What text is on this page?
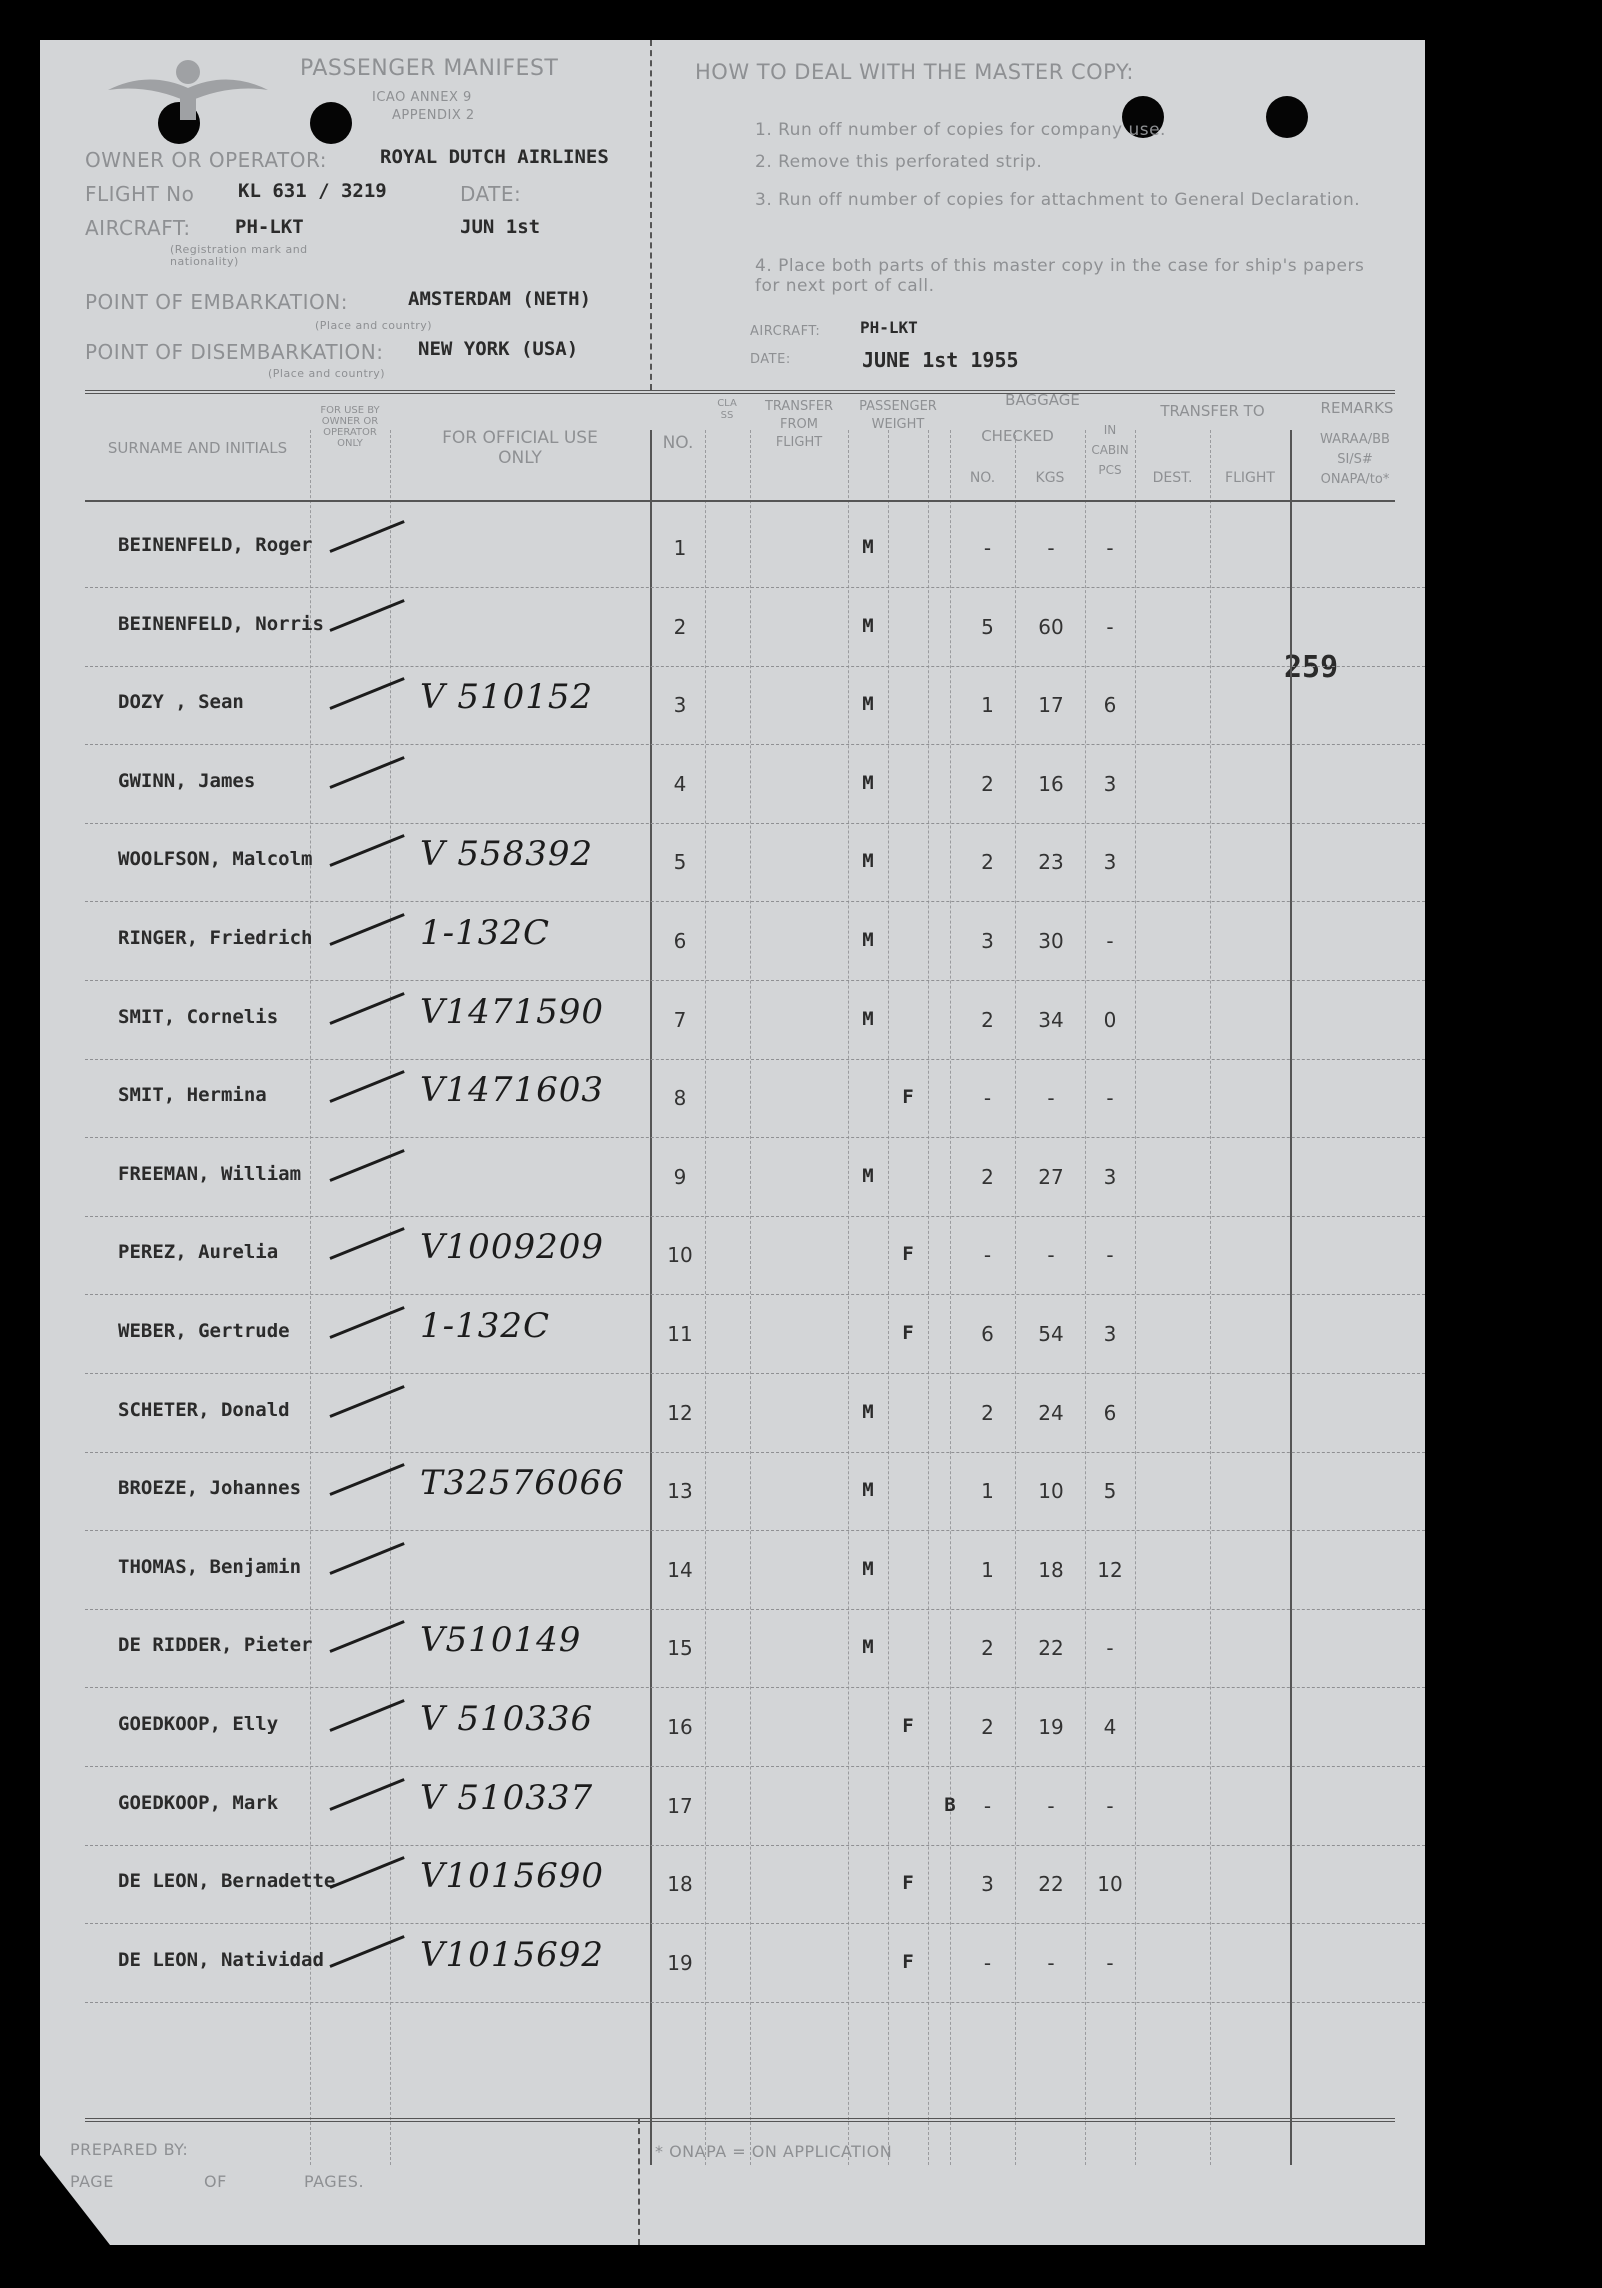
PASSENGER MANIFEST
ICAO ANNEX 9
APPENDIX 2
OWNER OR OPERATOR:	ROYAL DUTCH AIRLINES
FLIGHT No KL 631 / 3219	DATE:
AIRCRAFT: PH-LKT	JUN 1st
(Registration mark and nationality)
POINT OF EMBARKATION:	AMSTERDAM (NETH)
(Place and country)
POINT OF DISEMBARKATION: NEW YORK (USA)
(Place and country)
HOW TO DEAL WITH THE MASTER COPY:
1. Run off number of copies for company use.
2. Remove this perforated strip.
3. Run off number of copies for attachment to General Declaration.
4. Place both parts of this master copy in the case for ship's papers for next port of call.
AIRCRAFT: PH-LKT
DATE:	JUNE 1st 1955
259
SURNAME AND INITIALS
FOR USE BY OWNER OR OPERATOR ONLY	FOR OFFICIAL USE ONLY
NO.
CLASS
TRANSFER FROM FLIGHT
PASSENGER WEIGHT
BAGGAGE
CHECKED
NO.	KGS
IN CABIN PCS
TRANSFER TO
DEST.	FLIGHT
REMARKS
WARAA/BB SI/S# ONAPA/to*
BEINENFELD, Roger	1	M	-	-	-
BEINENFELD, Norris	2	M	5	60	-
DOZY , Sean	V 510152	3	M	1	17	6
GWINN, James	4	M	2	16	3
WOOLFSON, Malcolm	V 558392	5	M	2	23	3
RINGER, Friedrich	1-132C	6	M	3	30	-
SMIT, Cornelis	V1471590	7	M	2	34	0
SMIT, Hermina	V1471603	8	F	-	-	-
FREEMAN, William	9	M	2	27	3
PEREZ, Aurelia	V1009209	10	F	-	-	-
WEBER, Gertrude	1-132C	11	F	6	54	3
SCHETER, Donald	12	M	2	24	6
BROEZE, Johannes	T32576066	13	M	1	10	5
THOMAS, Benjamin	14	M	1	18	12
DE RIDDER, Pieter	V510149	15	M	2	22	-
GOEDKOOP, Elly	V 510336	16	F	2	19	4
GOEDKOOP, Mark	V 510337	17	B	-	-	-
DE LEON, Bernadette V1015690	18	F	3	22	10
DE LEON, Natividad	V1015692	19	F	-	-	-
PREPARED BY:
PAGE	OF	PAGES.
* ONAPA = ON APPLICATION
